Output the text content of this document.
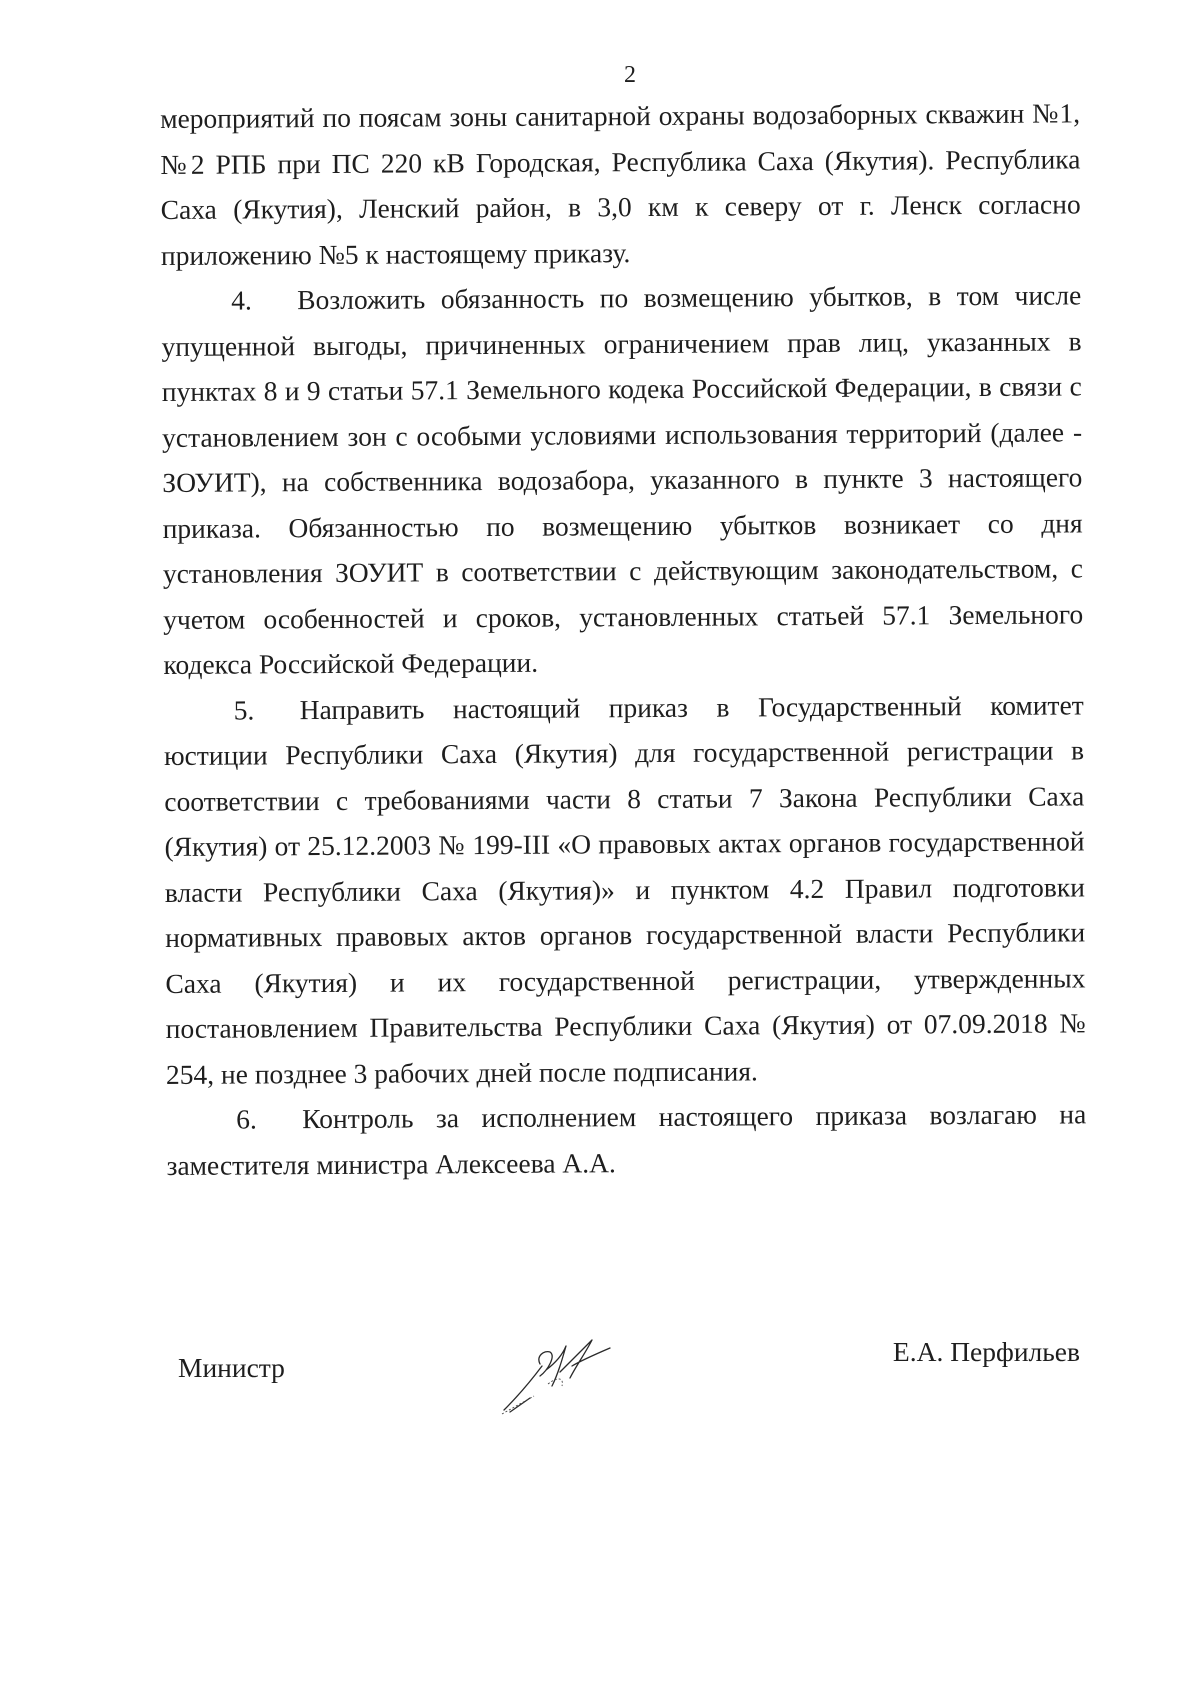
2

мероприятий по поясам зоны санитарной охраны водозаборных скважин №1, №2 РПБ при ПС 220 кВ Городская, Республика Саха (Якутия). Республика Саха (Якутия), Ленский район, в 3,0 км к северу от г. Ленск согласно приложению №5 к настоящему приказу.

4. Возложить обязанность по возмещению убытков, в том числе упущенной выгоды, причиненных ограничением прав лиц, указанных в пунктах 8 и 9 статьи 57.1 Земельного кодека Российской Федерации, в связи с установлением зон с особыми условиями использования территорий (далее - ЗОУИТ), на собственника водозабора, указанного в пункте 3 настоящего приказа. Обязанностью по возмещению убытков возникает со дня установления ЗОУИТ в соответствии с действующим законодательством, с учетом особенностей и сроков, установленных статьей 57.1 Земельного кодекса Российской Федерации.

5. Направить настоящий приказ в Государственный комитет юстиции Республики Саха (Якутия) для государственной регистрации в соответствии с требованиями части 8 статьи 7 Закона Республики Саха (Якутия) от 25.12.2003 № 199-III «О правовых актах органов государственной власти Республики Саха (Якутия)» и пунктом 4.2 Правил подготовки нормативных правовых актов органов государственной власти Республики Саха (Якутия) и их государственной регистрации, утвержденных постановлением Правительства Республики Саха (Якутия) от 07.09.2018 № 254, не позднее 3 рабочих дней после подписания.

6. Контроль за исполнением настоящего приказа возлагаю на заместителя министра Алексеева А.А.

Министр
Е.А. Перфильев
